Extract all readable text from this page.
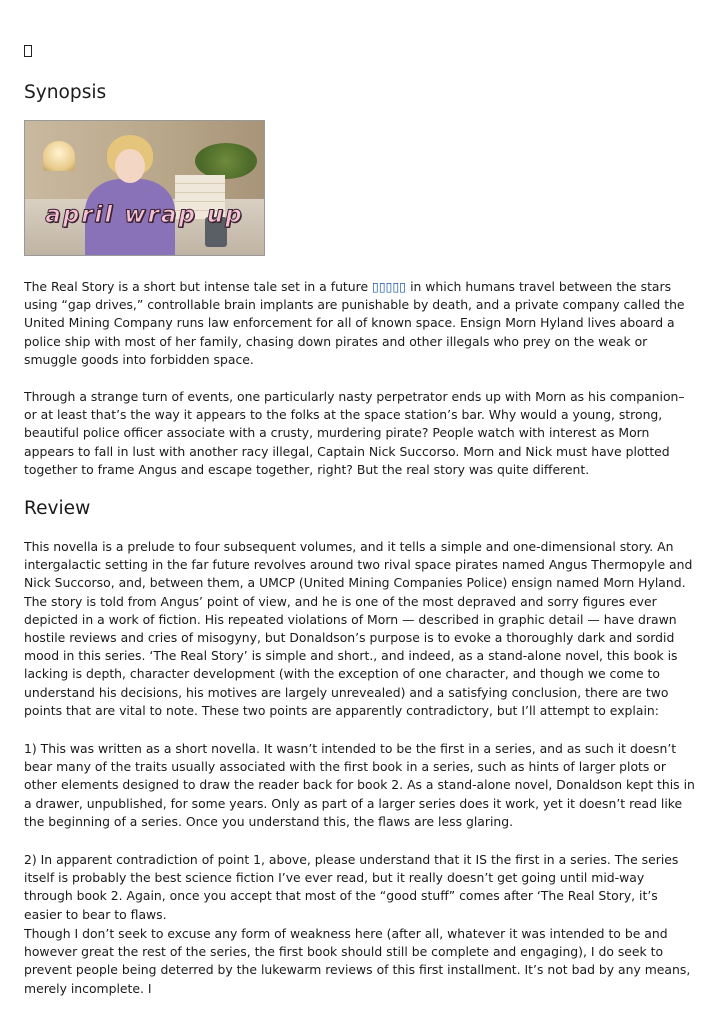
Synopsis
april wrap up

The Real Story is a short but intense tale set in a future ▯▯▯▯▯ in which humans travel between the stars using “gap drives,” controllable brain implants are punishable by death, and a private company called the United Mining Company runs law enforcement for all of known space. Ensign Morn Hyland lives aboard a police ship with most of her family, chasing down pirates and other illegals who prey on the weak or smuggle goods into forbidden space.

Through a strange turn of events, one particularly nasty perpetrator ends up with Morn as his companion–or at least that’s the way it appears to the folks at the space station’s bar. Why would a young, strong, beautiful police officer associate with a crusty, murdering pirate? People watch with interest as Morn appears to fall in lust with another racy illegal, Captain Nick Succorso. Morn and Nick must have plotted together to frame Angus and escape together, right? But the real story was quite different.

Review

This novella is a prelude to four subsequent volumes, and it tells a simple and one-dimensional story. An intergalactic setting in the far future revolves around two rival space pirates named Angus Thermopyle and Nick Succorso, and, between them, a UMCP (United Mining Companies Police) ensign named Morn Hyland. The story is told from Angus’ point of view, and he is one of the most depraved and sorry figures ever depicted in a work of fiction. His repeated violations of Morn — described in graphic detail — have drawn hostile reviews and cries of misogyny, but Donaldson’s purpose is to evoke a thoroughly dark and sordid mood in this series. ‘The Real Story’ is simple and short., and indeed, as a stand-alone novel, this book is lacking is depth, character development (with the exception of one character, and though we come to understand his decisions, his motives are largely unrevealed) and a satisfying conclusion, there are two points that are vital to note. These two points are apparently contradictory, but I’ll attempt to explain:

1) This was written as a short novella. It wasn’t intended to be the first in a series, and as such it doesn’t bear many of the traits usually associated with the first book in a series, such as hints of larger plots or other elements designed to draw the reader back for book 2. As a stand-alone novel, Donaldson kept this in a drawer, unpublished, for some years. Only as part of a larger series does it work, yet it doesn’t read like the beginning of a series. Once you understand this, the flaws are less glaring.

2) In apparent contradiction of point 1, above, please understand that it IS the first in a series. The series itself is probably the best science fiction I’ve ever read, but it really doesn’t get going until mid-way through book 2. Again, once you accept that most of the “good stuff” comes after ‘The Real Story, it’s easier to bear to flaws.

Though I don’t seek to excuse any form of weakness here (after all, whatever it was intended to be and however great the rest of the series, the first book should still be complete and engaging), I do seek to prevent people being deterred by the lukewarm reviews of this first installment. It’s not bad by any means, merely incomplete. I
